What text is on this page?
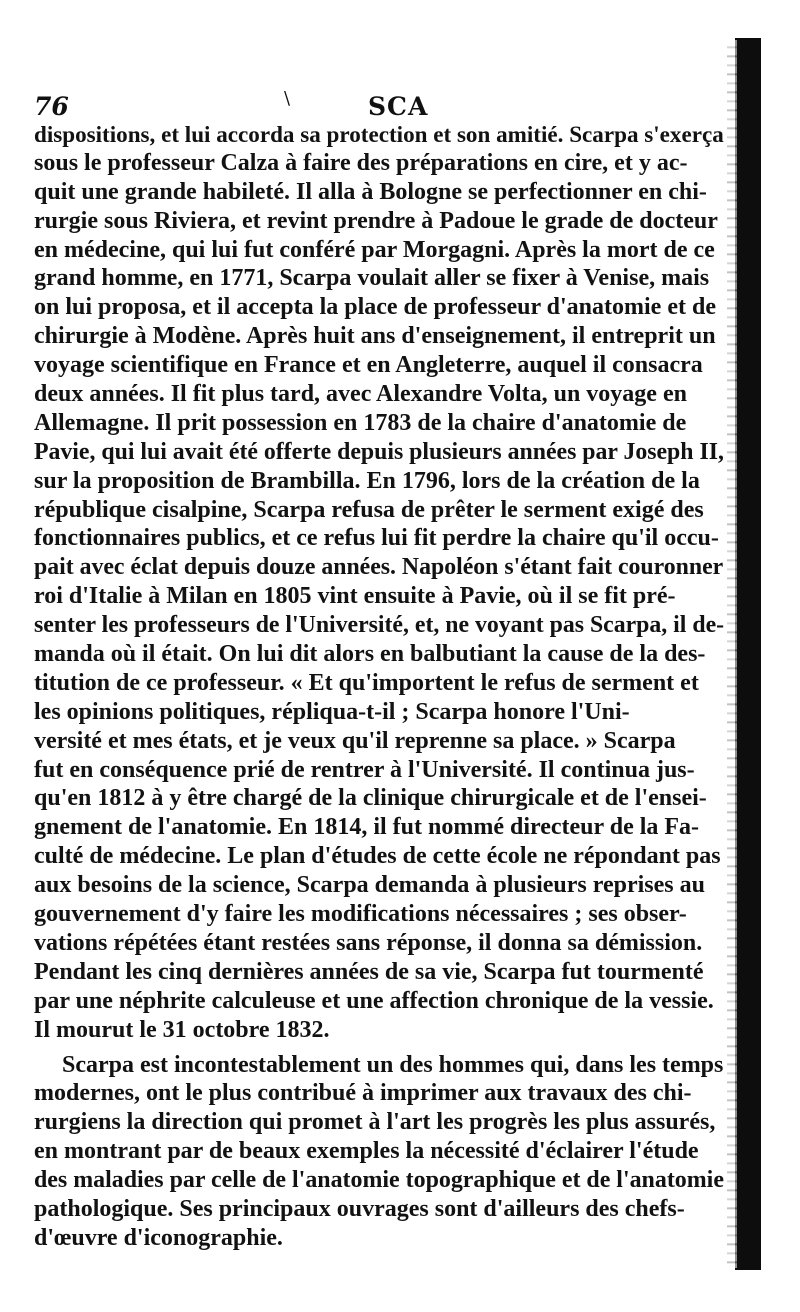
76	\	SCA
dispositions, et lui accorda sa protection et son amitié. Scarpa s'exerça
sous le professeur Calza à faire des préparations en cire, et y ac-
quit une grande habileté. Il alla à Bologne se perfectionner en chi-
rurgie sous Riviera, et revint prendre à Padoue le grade de docteur
en médecine, qui lui fut conféré par Morgagni. Après la mort de ce
grand homme, en 1771, Scarpa voulait aller se fixer à Venise, mais
on lui proposa, et il accepta la place de professeur d'anatomie et de
chirurgie à Modène. Après huit ans d'enseignement, il entreprit un
voyage scientifique en France et en Angleterre, auquel il consacra
deux années. Il fit plus tard, avec Alexandre Volta, un voyage en
Allemagne. Il prit possession en 1783 de la chaire d'anatomie de
Pavie, qui lui avait été offerte depuis plusieurs années par Joseph II,
sur la proposition de Brambilla. En 1796, lors de la création de la
république cisalpine, Scarpa refusa de prêter le serment exigé des
fonctionnaires publics, et ce refus lui fit perdre la chaire qu'il occu-
pait avec éclat depuis douze années. Napoléon s'étant fait couronner
roi d'Italie à Milan en 1805 vint ensuite à Pavie, où il se fit pré-
senter les professeurs de l'Université, et, ne voyant pas Scarpa, il de-
manda où il était. On lui dit alors en balbutiant la cause de la des-
titution de ce professeur. « Et qu'importent le refus de serment et
les opinions politiques, répliqua-t-il ; Scarpa honore l'Uni-
versité et mes états, et je veux qu'il reprenne sa place. » Scarpa
fut en conséquence prié de rentrer à l'Université. Il continua jus-
qu'en 1812 à y être chargé de la clinique chirurgicale et de l'ensei-
gnement de l'anatomie. En 1814, il fut nommé directeur de la Fa-
culté de médecine. Le plan d'études de cette école ne répondant pas
aux besoins de la science, Scarpa demanda à plusieurs reprises au
gouvernement d'y faire les modifications nécessaires ; ses obser-
vations répétées étant restées sans réponse, il donna sa démission.
Pendant les cinq dernières années de sa vie, Scarpa fut tourmenté
par une néphrite calculeuse et une affection chronique de la vessie.
Il mourut le 31 octobre 1832.
Scarpa est incontestablement un des hommes qui, dans les temps
modernes, ont le plus contribué à imprimer aux travaux des chi-
rurgiens la direction qui promet à l'art les progrès les plus assurés,
en montrant par de beaux exemples la nécessité d'éclairer l'étude
des maladies par celle de l'anatomie topographique et de l'anatomie
pathologique. Ses principaux ouvrages sont d'ailleurs des chefs-
d'œuvre d'iconographie.
